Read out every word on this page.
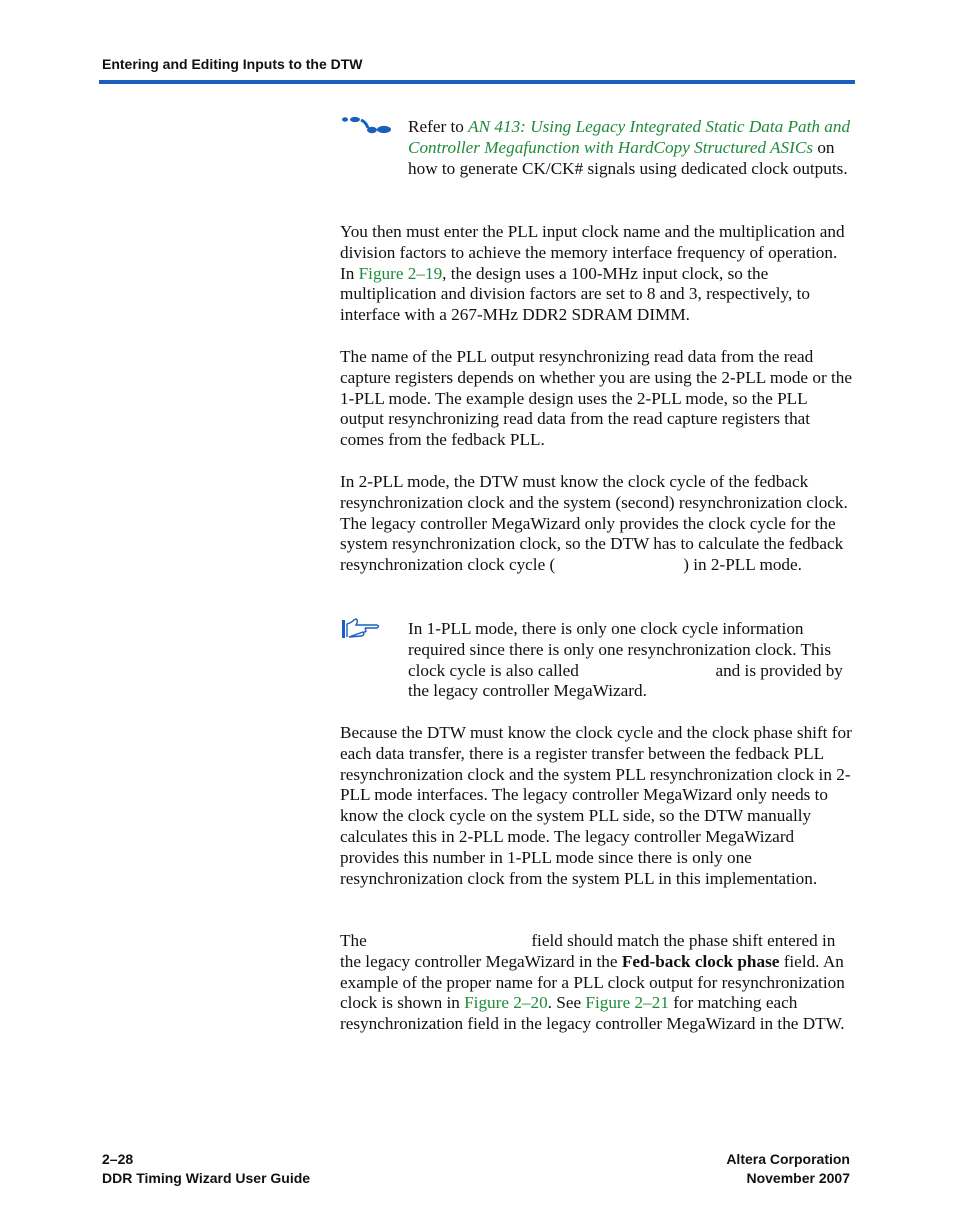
Entering and Editing Inputs to the DTW

Refer to AN 413: Using Legacy Integrated Static Data Path and Controller Megafunction with HardCopy Structured ASICs on how to generate CK/CK# signals using dedicated clock outputs.

You then must enter the PLL input clock name and the multiplication and division factors to achieve the memory interface frequency of operation. In Figure 2–19, the design uses a 100-MHz input clock, so the multiplication and division factors are set to 8 and 3, respectively, to interface with a 267-MHz DDR2 SDRAM DIMM.

The name of the PLL output resynchronizing read data from the read capture registers depends on whether you are using the 2-PLL mode or the 1-PLL mode. The example design uses the 2-PLL mode, so the PLL output resynchronizing read data from the read capture registers that comes from the fedback PLL.

In 2-PLL mode, the DTW must know the clock cycle of the fedback resynchronization clock and the system (second) resynchronization clock. The legacy controller MegaWizard only provides the clock cycle for the system resynchronization clock, so the DTW has to calculate the fedback resynchronization clock cycle (	) in 2-PLL mode.

In 1-PLL mode, there is only one clock cycle information required since there is only one resynchronization clock. This clock cycle is also called	and is provided by the legacy controller MegaWizard.

Because the DTW must know the clock cycle and the clock phase shift for each data transfer, there is a register transfer between the fedback PLL resynchronization clock and the system PLL resynchronization clock in 2-PLL mode interfaces. The legacy controller MegaWizard only needs to know the clock cycle on the system PLL side, so the DTW manually calculates this in 2-PLL mode. The legacy controller MegaWizard provides this number in 1-PLL mode since there is only one resynchronization clock from the system PLL in this implementation.

The	field should match the phase shift entered in the legacy controller MegaWizard in the Fed-back clock phase field. An example of the proper name for a PLL clock output for resynchronization clock is shown in Figure 2–20. See Figure 2–21 for matching each resynchronization field in the legacy controller MegaWizard in the DTW.

2–28
DDR Timing Wizard User Guide
Altera Corporation
November 2007
